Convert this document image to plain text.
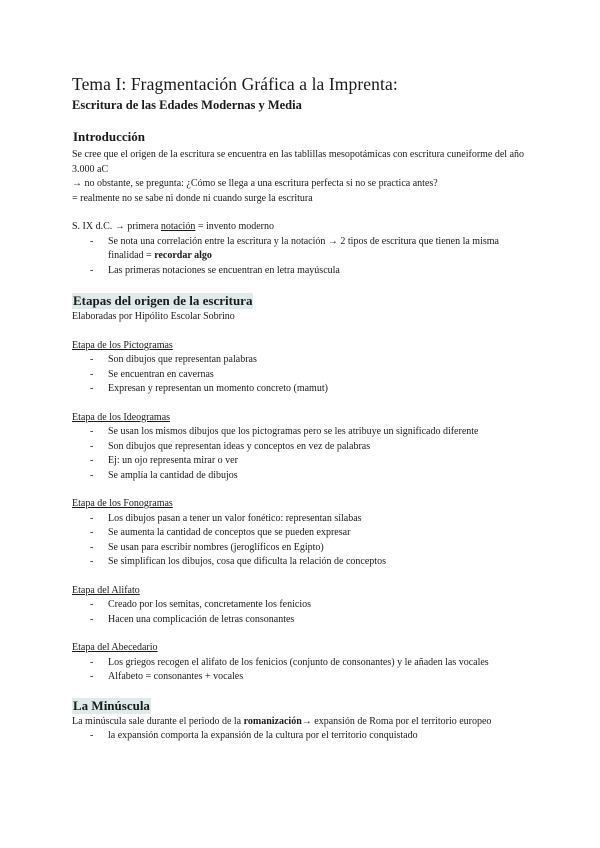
Tema I: Fragmentación Gráfica a la Imprenta:
Escritura de las Edades Modernas y Media
Introducción

Se cree que el origen de la escritura se encuentra en las tablillas mesopotámicas con escritura cuneiforme del año 3.000 aC

→ no obstante, se pregunta: ¿Cómo se llega a una escritura perfecta si no se practica antes?

= realmente no se sabe ni donde ni cuando surge la escritura

S. IX d.C. → primera notación = invento moderno

- Se nota una correlación entre la escritura y la notación → 2 tipos de escritura que tienen la misma finalidad = recordar algo
- Las primeras notaciones se encuentran en letra mayúscula
Etapas del origen de la escritura

Elaboradas por Hipólito Escolar Sobrino

Etapa de los Pictogramas

- Son dibujos que representan palabras
- Se encuentran en cavernas
- Expresan y representan un momento concreto (mamut)

Etapa de los Ideogramas

- Se usan los mismos dibujos que los pictogramas pero se les atribuye un significado diferente
- Son dibujos que representan ideas y conceptos en vez de palabras
- Ej: un ojo representa mirar o ver
- Se amplía la cantidad de dibujos

Etapa de los Fonogramas

- Los dibujos pasan a tener un valor fonético: representan sílabas
- Se aumenta la cantidad de conceptos que se pueden expresar
- Se usan para escribir nombres (jeroglíficos en Egipto)
- Se simplifican los dibujos, cosa que dificulta la relación de conceptos

Etapa del Alifato

- Creado por los semitas, concretamente los fenicios
- Hacen una complicación de letras consonantes

Etapa del Abecedario

- Los griegos recogen el alifato de los fenicios (conjunto de consonantes) y le añaden las vocales
- Alfabeto = consonantes + vocales
La Minúscula

La minúscula sale durante el periodo de la romanización→ expansión de Roma por el territorio europeo

- la expansión comporta la expansión de la cultura por el territorio conquistado
